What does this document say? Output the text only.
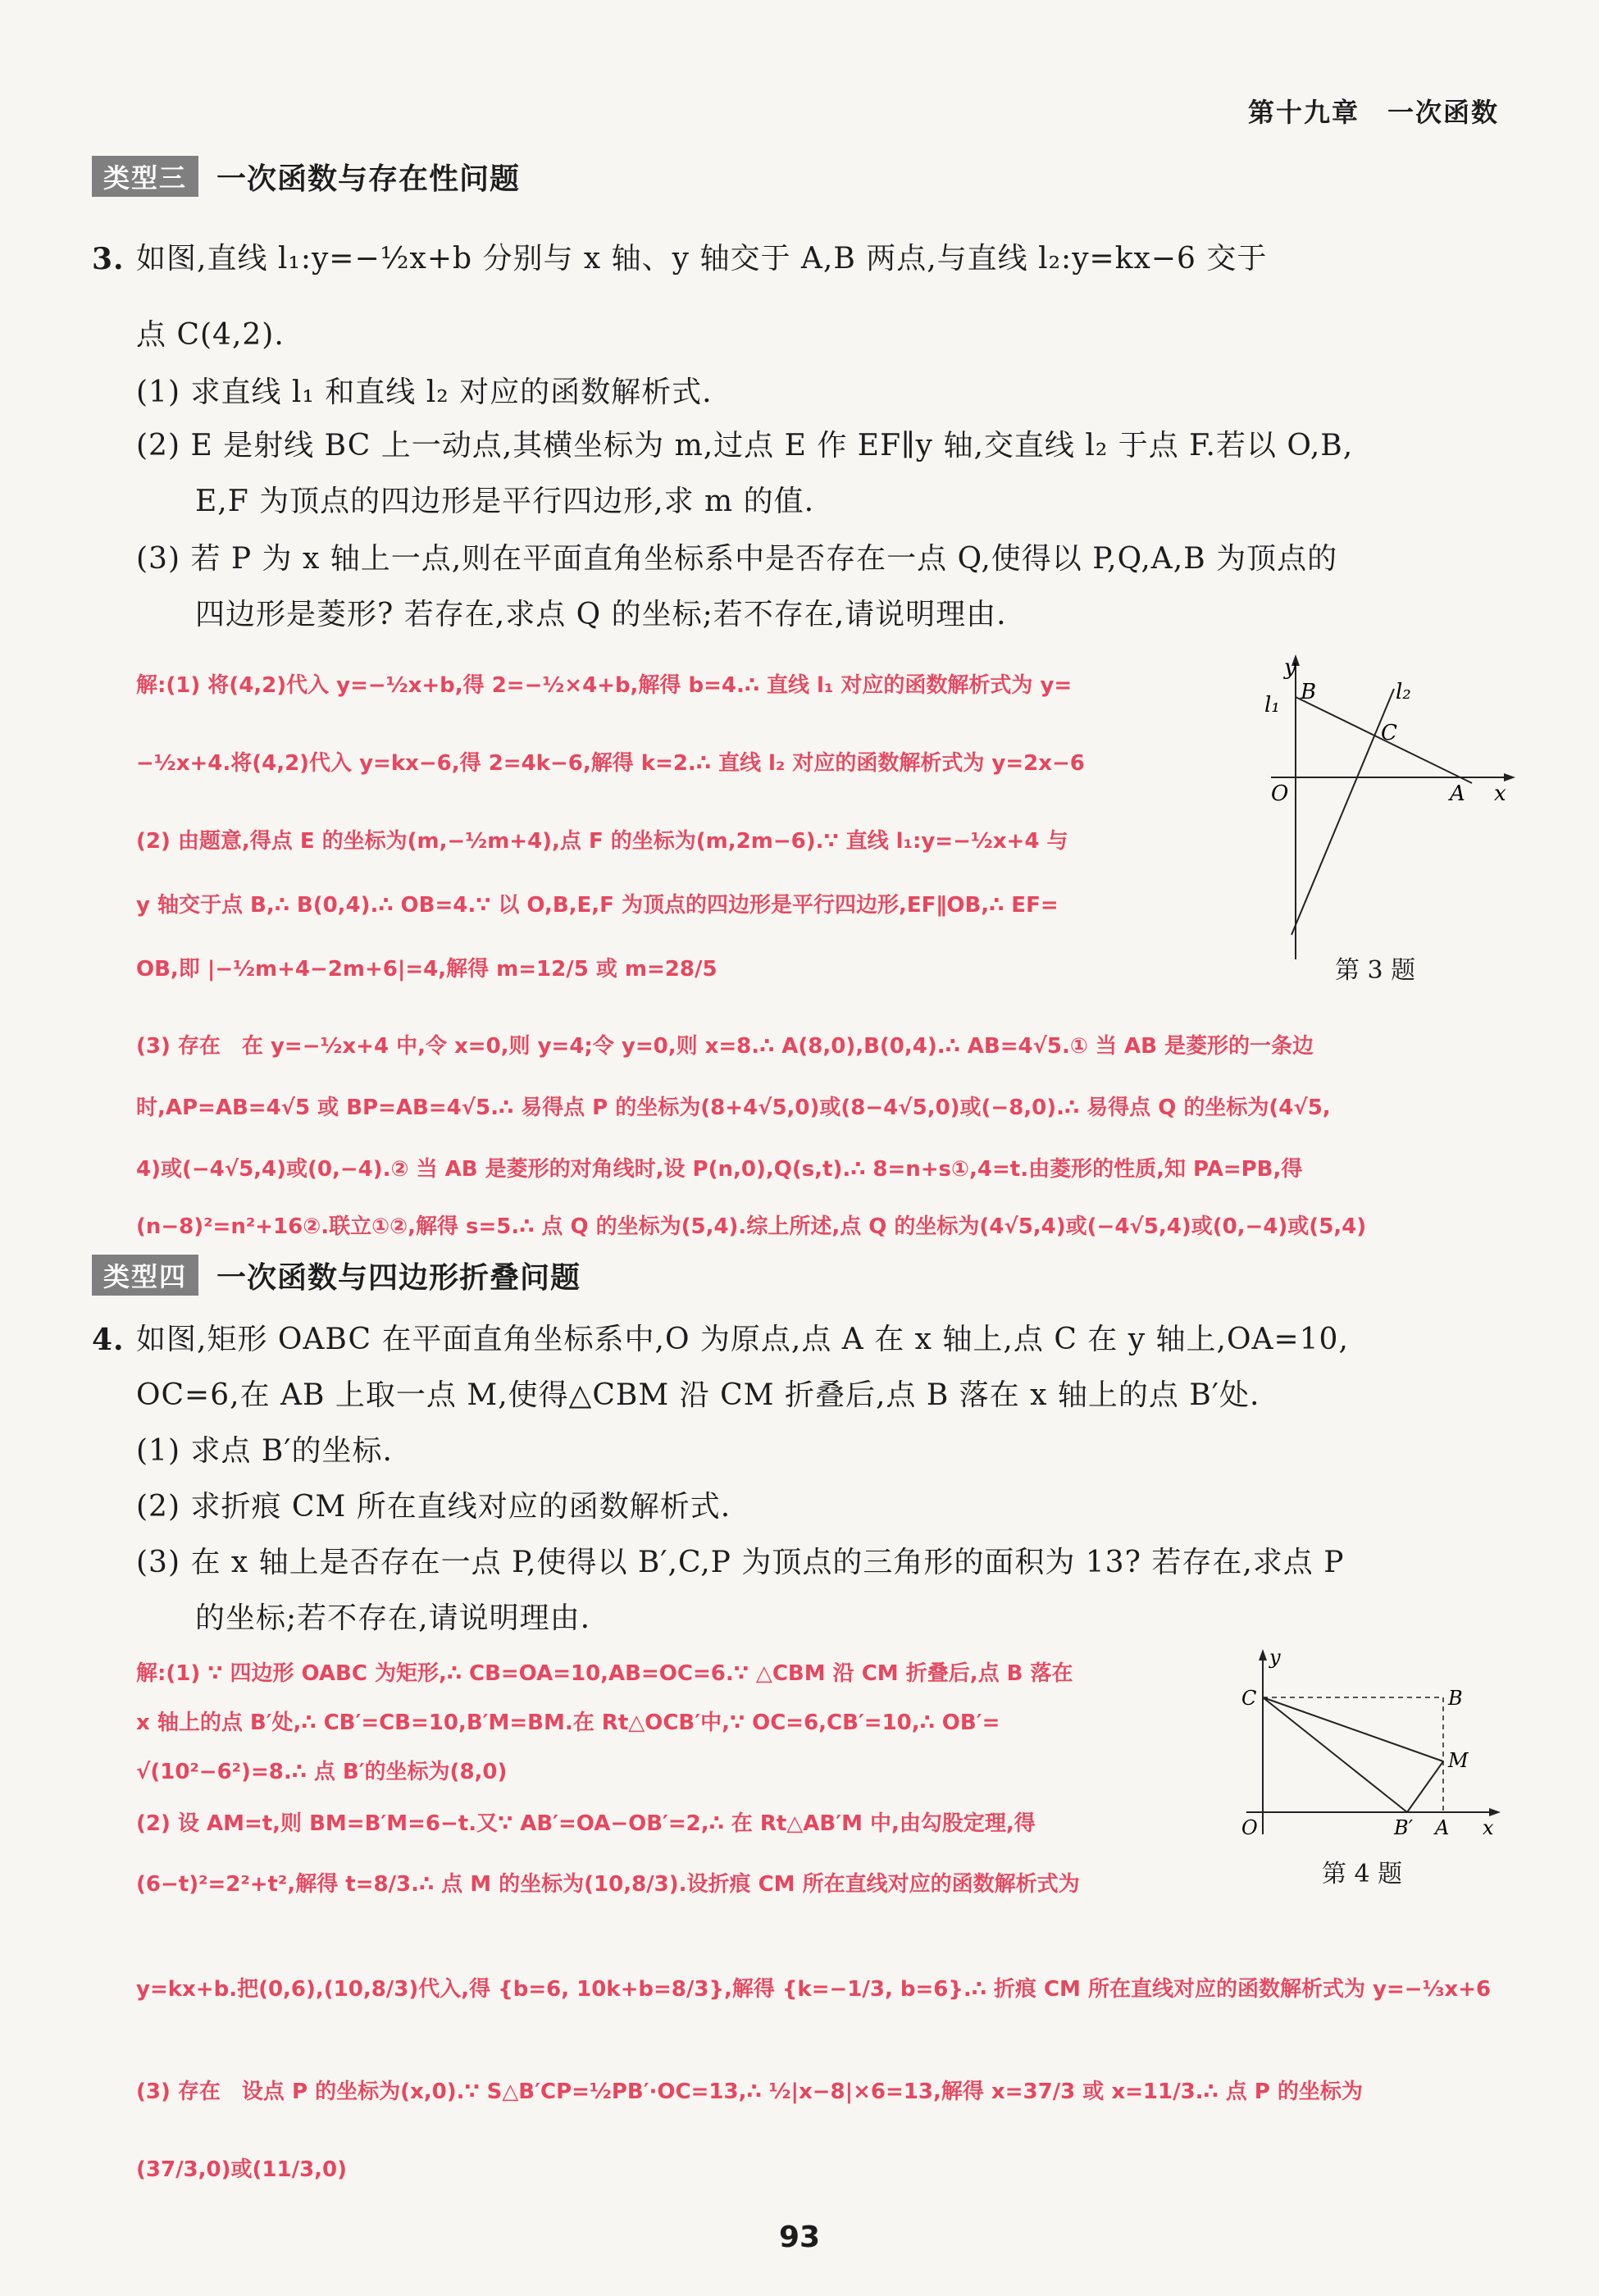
第十九章　一次函数
类型三	一次函数与存在性问题
3. 如图,直线 l₁:y=−½x+b 分别与 x 轴、y 轴交于 A,B 两点,与直线 l₂:y=kx−6 交于
点 C(4,2).
(1) 求直线 l₁ 和直线 l₂ 对应的函数解析式.
(2) E 是射线 BC 上一动点,其横坐标为 m,过点 E 作 EF∥y 轴,交直线 l₂ 于点 F.若以 O,B,
E,F 为顶点的四边形是平行四边形,求 m 的值.
(3) 若 P 为 x 轴上一点,则在平面直角坐标系中是否存在一点 Q,使得以 P,Q,A,B 为顶点的
四边形是菱形? 若存在,求点 Q 的坐标;若不存在,请说明理由.
解:(1) 将(4,2)代入 y=−½x+b,得 2=−½×4+b,解得 b=4.∴ 直线 l₁ 对应的函数解析式为 y=
−½x+4.将(4,2)代入 y=kx−6,得 2=4k−6,解得 k=2.∴ 直线 l₂ 对应的函数解析式为 y=2x−6
(2) 由题意,得点 E 的坐标为(m,−½m+4),点 F 的坐标为(m,2m−6).∵ 直线 l₁:y=−½x+4 与
y 轴交于点 B,∴ B(0,4).∴ OB=4.∵ 以 O,B,E,F 为顶点的四边形是平行四边形,EF∥OB,∴ EF=
OB,即 |−½m+4−2m+6|=4,解得 m=12/5 或 m=28/5
(3) 存在　在 y=−½x+4 中,令 x=0,则 y=4;令 y=0,则 x=8.∴ A(8,0),B(0,4).∴ AB=4√5.① 当 AB 是菱形的一条边
时,AP=AB=4√5 或 BP=AB=4√5.∴ 易得点 P 的坐标为(8+4√5,0)或(8−4√5,0)或(−8,0).∴ 易得点 Q 的坐标为(4√5,
4)或(−4√5,4)或(0,−4).② 当 AB 是菱形的对角线时,设 P(n,0),Q(s,t).∴ 8=n+s①,4=t.由菱形的性质,知 PA=PB,得
(n−8)²=n²+16②.联立①②,解得 s=5.∴ 点 Q 的坐标为(5,4).综上所述,点 Q 的坐标为(4√5,4)或(−4√5,4)或(0,−4)或(5,4)
y
l₁
B	l₂
C
O	A x
第 3 题
类型四	一次函数与四边形折叠问题
4. 如图,矩形 OABC 在平面直角坐标系中,O 为原点,点 A 在 x 轴上,点 C 在 y 轴上,OA=10,
OC=6,在 AB 上取一点 M,使得△CBM 沿 CM 折叠后,点 B 落在 x 轴上的点 B′处.
(1) 求点 B′的坐标.
(2) 求折痕 CM 所在直线对应的函数解析式.
(3) 在 x 轴上是否存在一点 P,使得以 B′,C,P 为顶点的三角形的面积为 13? 若存在,求点 P
的坐标;若不存在,请说明理由.
解:(1) ∵ 四边形 OABC 为矩形,∴ CB=OA=10,AB=OC=6.∵ △CBM 沿 CM 折叠后,点 B 落在
x 轴上的点 B′处,∴ CB′=CB=10,B′M=BM.在 Rt△OCB′中,∵ OC=6,CB′=10,∴ OB′=
√(10²−6²)=8.∴ 点 B′的坐标为(8,0)
(2) 设 AM=t,则 BM=B′M=6−t.又∵ AB′=OA−OB′=2,∴ 在 Rt△AB′M 中,由勾股定理,得
(6−t)²=2²+t²,解得 t=8/3.∴ 点 M 的坐标为(10,8/3).设折痕 CM 所在直线对应的函数解析式为
y=kx+b.把(0,6),(10,8/3)代入,得 {b=6, 10k+b=8/3},解得 {k=−1/3, b=6}.∴ 折痕 CM 所在直线对应的函数解析式为 y=−⅓x+6
(3) 存在　设点 P 的坐标为(x,0).∵ S△B′CP=½PB′·OC=13,∴ ½|x−8|×6=13,解得 x=37/3 或 x=11/3.∴ 点 P 的坐标为
(37/3,0)或(11/3,0)
y
C	B
M
O	B′ A x
第 4 题
93
